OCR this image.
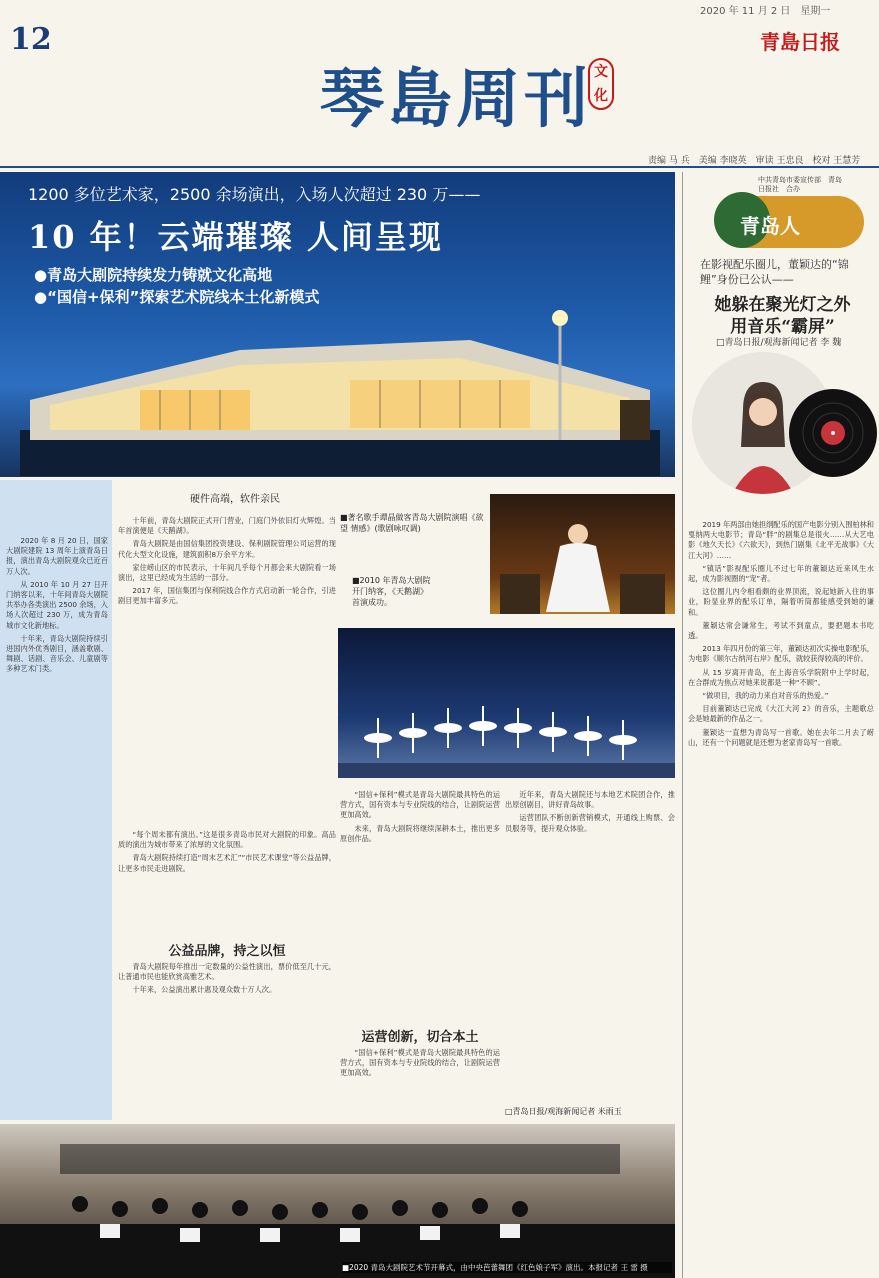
12
2020 年 11 月 2 日　星期一
青島日报
琴島周刊 文化
责编 马 兵　美编 李晓英　审读 王忠良　校对 王慧芳
1200 多位艺术家，2500 余场演出，入场人次超过 230 万——
10 年！云端璀璨 人间呈现
●青岛大剧院持续发力铸就文化高地
●“国信+保利”探索艺术院线本土化新模式

2020 年 8 月 20 日，国家大剧院建院 13 周年上演青岛日报，演出青岛大剧院观众已近百万人次。

从 2010 年 10 月 27 日开门纳客以来，十年间青岛大剧院共举办各类演出 2500 余场，入场人次超过 230 万，成为青岛城市文化新地标。

十年来，青岛大剧院持续引进国内外优秀剧目，涵盖歌剧、舞剧、话剧、音乐会、儿童剧等多种艺术门类。

硬件高端，软件亲民

十年前，青岛大剧院正式开门营业，门庭门外依旧灯火辉煌。当年首演便是《天鹅湖》。

青岛大剧院是由国信集团投资建设、保利剧院管理公司运营的现代化大型文化设施，建筑面积8万余平方米。

家住崂山区的市民表示，十年间几乎每个月都会来大剧院看一场演出，这里已经成为生活的一部分。

2017 年，国信集团与保利院线合作方式启动新一轮合作，引进剧目更加丰富多元。

■著名歌手谭晶做客青岛大剧院演唱《欲望 情感》(歌剧咏叹调)
■2010 年青岛大剧院开门纳客，《天鹅湖》首演成功。

“每个周末都有演出。”这是很多青岛市民对大剧院的印象。高品质的演出为城市带来了浓厚的文化氛围。

青岛大剧院持续打造“周末艺术汇”“市民艺术课堂”等公益品牌，让更多市民走进剧院。

公益品牌，持之以恒

青岛大剧院每年推出一定数量的公益性演出，票价低至几十元，让普通市民也能欣赏高雅艺术。

十年来，公益演出累计惠及观众数十万人次。

“国信+保利”模式是青岛大剧院最具特色的运营方式，国有资本与专业院线的结合，让剧院运营更加高效。

未来，青岛大剧院将继续深耕本土，推出更多原创作品。

运营创新，切合本土

“国信+保利”模式是青岛大剧院最具特色的运营方式，国有资本与专业院线的结合，让剧院运营更加高效。

近年来，青岛大剧院还与本地艺术院团合作，推出原创剧目，讲好青岛故事。

运营团队不断创新营销模式，开通线上购票、会员服务等，提升观众体验。

□青岛日报/观海新闻记者 米雨玉
■2020 青岛大剧院艺术节开幕式，由中央芭蕾舞团《红色娘子军》演出。本报记者 王 雷 摄
中共青岛市委宣传部　青岛日报社　合办
青岛人
在影视配乐圈儿，董颖达的“锦鲤”身份已公认——
她躲在聚光灯之外
用音乐“霸屏”
□青岛日报/观海新闻记者 李 魏

2019 年两部由她担纲配乐的国产电影分别入围柏林和戛纳两大电影节；青岛“胖”的剧集总是很火……从大艺电影《地久天长》《六欲天》，到热门剧集《北平无战事》《大江大河》……

“镇话”影视配乐圈儿不过七年的董颖达近来风生水起，成为影视圈的“宠”者。

这位圈儿内令相看颇的业界顶流，说起她新入住的事业，盼显业界的配乐订单，隔着听筒都能感受到她的谦和。

董颖达常会谦常生，考试不到童点，要把题本书吃透。

2013 年四月份的第三年，董颖达初次实操电影配乐，为电影《顺尔古纳河右岸》配乐，就较获得较高的评价。

从 15 岁离开青岛，在上海音乐学院附中上学时起，在合群成为焦点对她来说都是一种“不顾”。

“做项目，我的动力来自对音乐的热爱。”

目前董颖达已完成《大江大河 2》的音乐，主题歌总会是她最新的作品之一。

董颖达一直想为青岛写一首歌。她在去年二月去了崂山，还有一个问题就是还想为老家青岛写一首歌。
